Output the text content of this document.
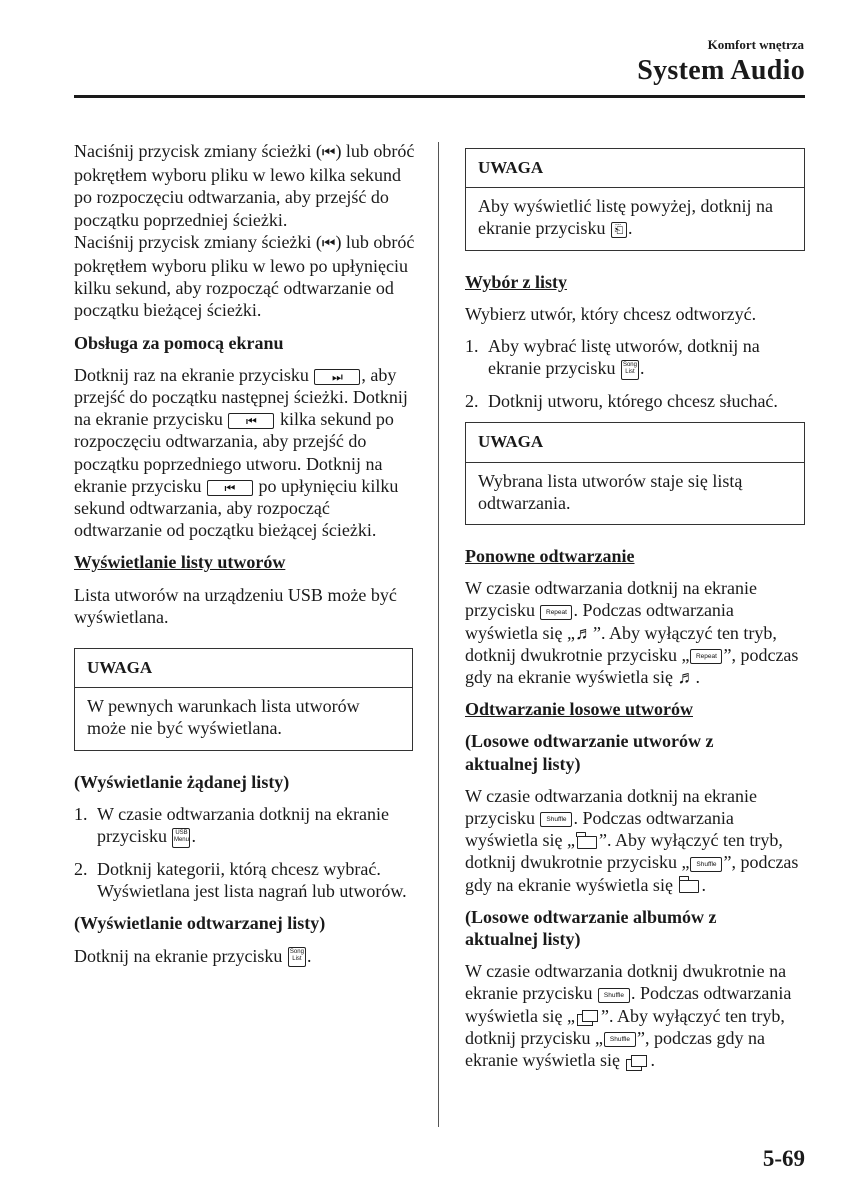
Komfort wnętrza
System Audio

Naciśnij przycisk zmiany ścieżki (⏮) lub obróć pokrętłem wyboru pliku w lewo kilka sekund po rozpoczęciu odtwarzania, aby przejść do początku poprzedniej ścieżki.

Naciśnij przycisk zmiany ścieżki (⏮) lub obróć pokrętłem wyboru pliku w lewo po upłynięciu kilku sekund, aby rozpocząć odtwarzanie od początku bieżącej ścieżki.

Obsługa za pomocą ekranu

Dotknij raz na ekranie przycisku ⏭ , aby przejść do początku następnej ścieżki. Dotknij na ekranie przycisku ⏮ kilka sekund po rozpoczęciu odtwarzania, aby przejść do początku poprzedniego utworu. Dotknij na ekranie przycisku ⏮ po upłynięciu kilku sekund odtwarzania, aby rozpocząć odtwarzanie od początku bieżącej ścieżki.

Wyświetlanie listy utworów

Lista utworów na urządzeniu USB może być wyświetlana.

UWAGA
W pewnych warunkach lista utworów może nie być wyświetlana.
(Wyświetlanie żądanej listy)
1. W czasie odtwarzania dotknij na ekranie przycisku USB Menu .
2. Dotknij kategorii, którą chcesz wybrać. Wyświetlana jest lista nagrań lub utworów.
(Wyświetlanie odtwarzanej listy)

Dotknij na ekranie przycisku Song List .

UWAGA
Aby wyświetlić listę powyżej, dotknij na ekranie przycisku ⎗ .
Wybór z listy

Wybierz utwór, który chcesz odtworzyć.

1. Aby wybrać listę utworów, dotknij na ekranie przycisku Song List .
2. Dotknij utworu, którego chcesz słuchać.
UWAGA
Wybrana lista utworów staje się listą odtwarzania.
Ponowne odtwarzanie

W czasie odtwarzania dotknij na ekranie przycisku Repeat . Podczas odtwarzania wyświetla się „♬”. Aby wyłączyć ten tryb, dotknij dwukrotnie przycisku „ Repeat ”, podczas gdy na ekranie wyświetla się ♬.

Odtwarzanie losowe utworów
(Losowe odtwarzanie utworów z aktualnej listy)

W czasie odtwarzania dotknij na ekranie przycisku Shuffle . Podczas odtwarzania wyświetla się „ ”. Aby wyłączyć ten tryb, dotknij dwukrotnie przycisku „ Shuffle ”, podczas gdy na ekranie wyświetla się .

(Losowe odtwarzanie albumów z aktualnej listy)

W czasie odtwarzania dotknij dwukrotnie na ekranie przycisku Shuffle . Podczas odtwarzania wyświetla się „ ”. Aby wyłączyć ten tryb, dotknij przycisku „ Shuffle ”, podczas gdy na ekranie wyświetla się .

5-69
